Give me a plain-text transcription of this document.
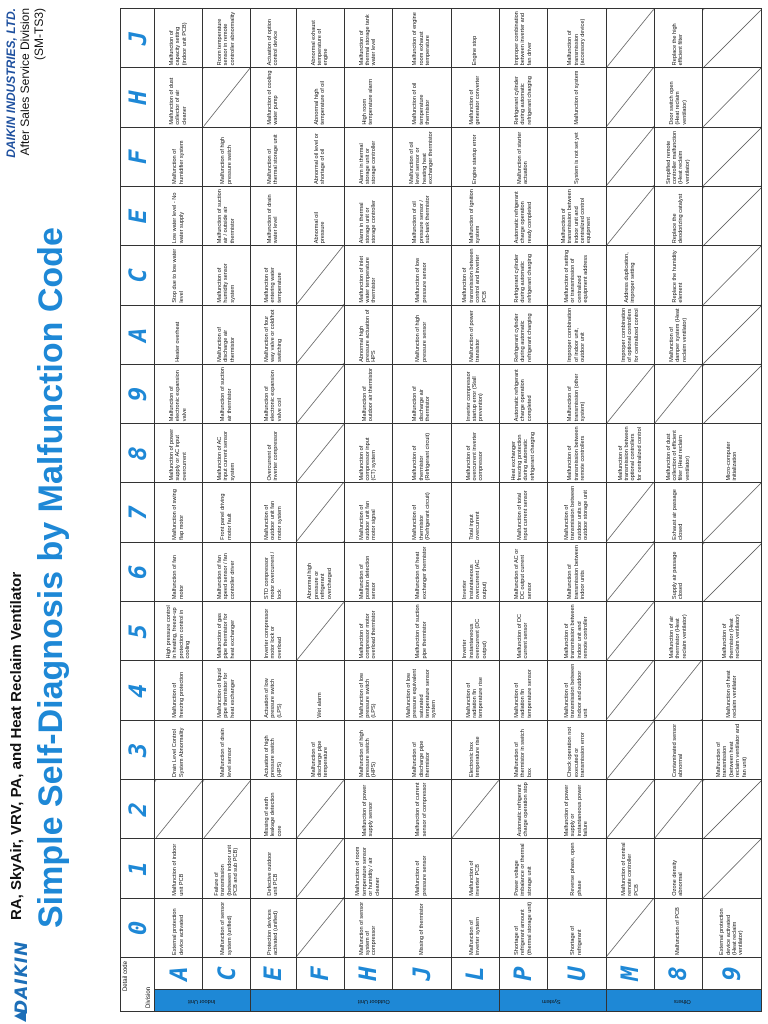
DAIKIN
RA, SkyAir, VRV, PA, and Heat Reclaim Ventilator Simple Self-Diagnosis by Malfunction Code
DAIKIN INDUSTRIES, LTD. After Sales Service Division (SM-TS3)
Detail code
Division		0	1	2	3	4	5	6	7	8	9	A	C	E	F	H	J
Indoor Unit	A	External protection device activated	Malfunction of indoor unit PCB		Drain Level Control System Abnormality	Malfunction of freezing protection	High pressure control in heating, freeze-up protection control in cooling	Malfunction of fan motor	Malfunction of swing flap motor	Malfunction of power supply or AC input overcurrent	Malfunction of electronic expansion valve	Heater overheat	Stop due to low water level	Low water level - No water supply	Malfunction of humidifier system	Malfunction of dust collector of air cleaner	Malfunction of capacity setting (indoor unit PCB)
	C	Malfunction of sensor system (unified)	Failure of transmission (between indoor unit PCB and sub PCB)		Malfunction of drain level sensor	Malfunction of liquid pipe thermistor for heat exchanger	Malfunction of gas pipe thermistor for heat exchanger	Malfunction of fan speed sensor / fan controller driver	Front panel driving motor fault	Malfunction of AC input current sensor system	Malfunction of suction air thermistor	Malfunction of discharge air thermistor	Malfunction of humidity sensor system	Malfunction of suction air / outside air thermistor	Malfunction of high pressure switch		Room temperature sensor in remote controller abnormality
Outdoor Unit	E	Protection devices activated (unified)	Defective outdoor unit PCB	Missing of earth leakage detection core	Actuation of high pressure switch (HPS)	Actuation of low pressure switch (LPS)	Inverter compressor motor lock or overload	STD compressor motor overcurrent / lock	Malfunction of outdoor unit fan motor system	Overcurrent of inverter compressor	Malfunction of electronic expansion valve coil	Malfunction of four way valve or cold/hot switching	Malfunction of entering water temperature	Malfunction of drain water level	Malfunction of thermal storage unit	Malfunction of cooling water pump	Actuation of option control device
	F				Malfunction of discharge pipe temperature	Wet alarm		Abnormal high pressure or refrigerant overcharged						Abnormal oil pressure	Abnormal oil level or shortage of oil	Abnormal high temperature of oil	Abnormal exhaust temperature of engine
	H	Malfunction of sensor system of compressor	Malfunction of room temperature sensor or humidity / air cleaner	Malfunction of power supply sensor	Malfunction of high pressure switch (HPS)	Malfunction of low pressure switch (LPS)	Malfunction of compressor motor overload thermistor	Malfunction of position detection sensor	Malfunction of outdoor unit fan motor signal	Malfunction of compressor input (CT) system	Malfunction of outdoor air thermistor	Abnormal high pressure actuation of HPS	Malfunction of inlet water temperature thermistor	Alarm in thermal storage unit or storage controller	Alarm in thermal storage unit or storage controller	High room temperature alarm	Malfunction of thermal storage tank water level
	J	Missing of thermistor	Malfunction of pressure sensor	Malfunction of current sensor of compressor	Malfunction of discharge pipe thermistor	Malfunction of low pressure equivalent saturated temperature sensor system	Malfunction of suction pipe thermistor	Malfunction of heat exchanger thermistor	Malfunction of thermistor (Refrigerant circuit)	Malfunction of thermistor (Refrigerant circuit)	Malfunction of discharge air thermistor	Malfunction of high pressure sensor	Malfunction of low pressure sensor	Malfunction of oil pressure sensor / sub-tank thermistor	Malfunction of oil level sensor or heating heat exchanger thermistor	Malfunction of oil temperature thermistor	Malfunction of engine room exhaust temperature
	L	Malfunction of inverter system	Malfunction of inverter PCB		Electronic box temperature rise	Malfunction of radiation fin temperature rise	Inverter instantaneous overcurrent (DC output)	Inverter instantaneous overcurrent (AC output)	Total input overcurrent	Malfunction of overcurrent inverter compressor	Inverter compressor startup error (Stall prevention)	Malfunction of power transistor	Malfunction of transmission between control and inverter PCB	Malfunction of ignition system	Engine startup error	Malfunction of generator converter	Engine stop
System	P	Shortage of refrigerant amount (thermal storage unit)	Power voltage imbalance or thermal storage unit	Automatic refrigerant charge operation stop	Malfunction of thermistor in switch box	Malfunction of radiation fin temperature sensor	Malfunction of DC current sensor	Malfunction of AC or DC output current sensor	Malfunction of total input current sensor	Heat exchanger freezing protection during automatic refrigerant charging	Automatic refrigerant charge operation completed	Refrigerant cylinder during automatic refrigerant charging	Refrigerant cylinder during automatic refrigerant charging	Automatic refrigerant charge operation ready completed	Malfunction of starter actuation	Refrigerant cylinder during automatic refrigerant charging	Improper combination between inverter and fan driver
	U	Shortage of refrigerant	Reverse phase, open phase	Malfunction of power supply or instantaneous power failure	Check operation not executed or transmission error	Malfunction of transmission between indoor and outdoor unit	Malfunction of transmission between indoor unit and remote controller	Malfunction of transmission between indoor units	Malfunction of transmission between outdoor units or outdoor storage unit	Malfunction of transmission between remote controllers	Malfunction of transmission (other system)	Improper combination of indoor unit, outdoor unit	Malfunction of setting or transmission of centralized equipment address	Malfunction of transmission between indoor unit and centralized control equipment	System is not set yet	Malfunction of system	Malfunction of transmission (accessory device)
Others	M		Malfunction of central remote controller PCB							Malfunction of transmission between optional controllers for centralized control		Improper combination of optional controllers for centralized control	Address duplication, improper setting				
	8	Malfunction of PCB	Ozone density abnormal		Contaminated sensor abnormal		Malfunction of air thermistor (Heat reclaim ventilator)	Supply air passage closed	Exhaust air passage closed	Malfunction of dust collection of efficient filter (Heat reclaim ventilator)		Malfunction of damper system (Heat reclaim ventilator)	Replace the humidity element	Replace the deodorizing catalyst	Simplified remote controller malfunction (Heat reclaim ventilator)	Door switch open (Heat reclaim ventilator)	Replace the high efficient filter
	9	External protection device activated (Heat reclaim ventilator)			Malfunction of transmission (between heat reclaim ventilator and fan unit)	Malfunction of heat reclaim ventilator	Malfunction of thermistor (Heat reclaim ventilator)			Micro-computer initialization							
